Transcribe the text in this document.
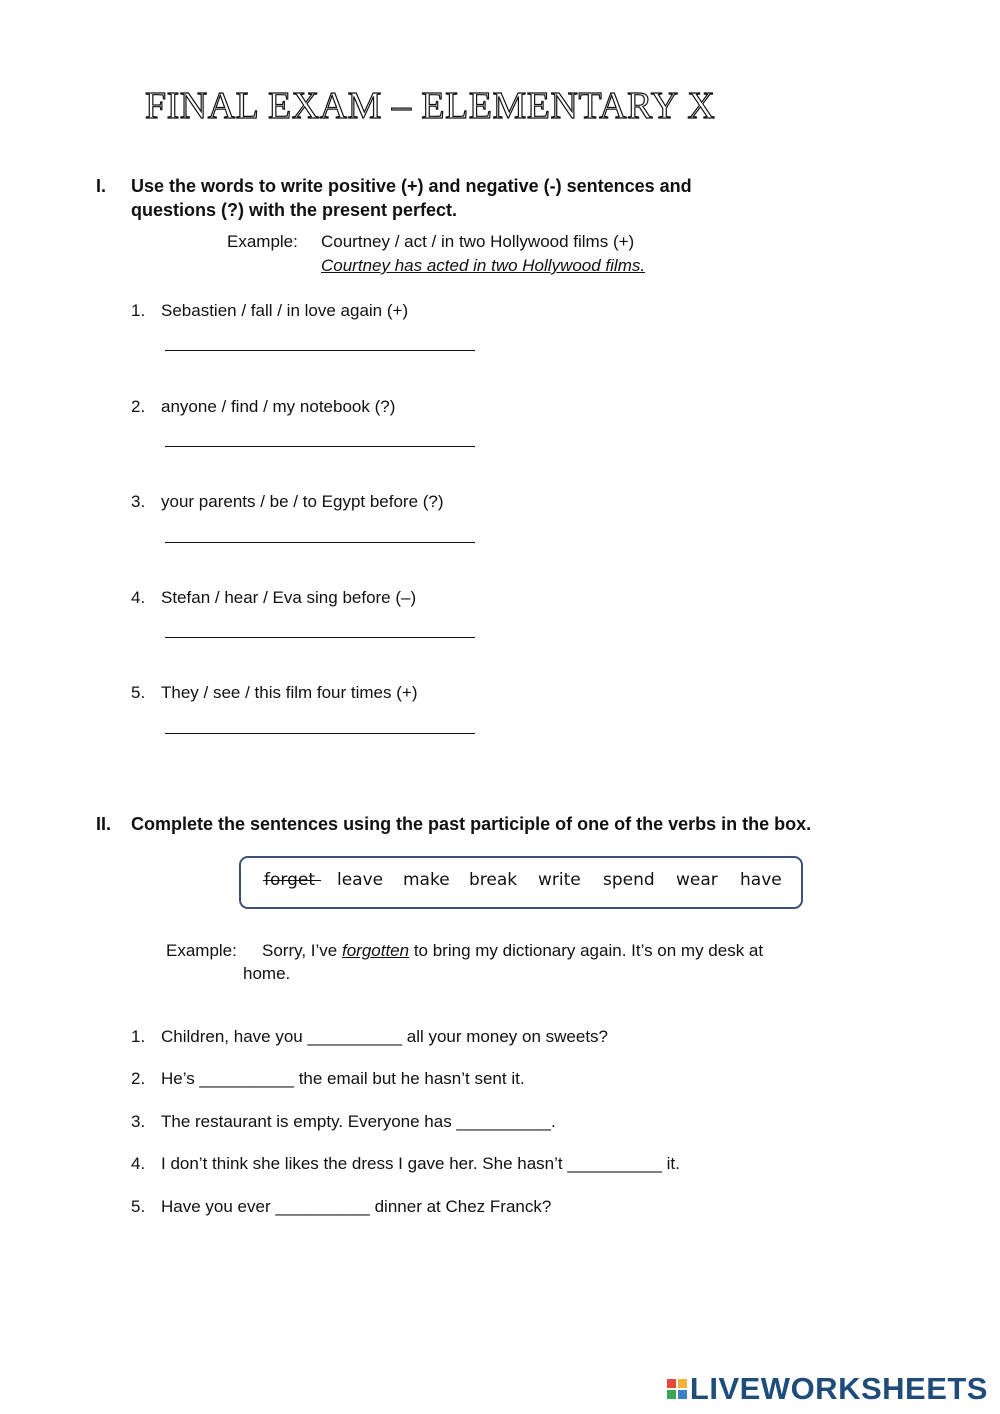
FINAL EXAM – ELEMENTARY X
I. Use the words to write positive (+) and negative (-) sentences and
questions (?) with the present perfect.
Example: Courtney / act / in two Hollywood films (+)
Courtney has acted in two Hollywood films.
1. Sebastien / fall / in love again (+)
2. anyone / find / my notebook (?)
3. your parents / be / to Egypt before (?)
4. Stefan / hear / Eva sing before (–)
5. They / see / this film four times (+)
II. Complete the sentences using the past participle of one of the verbs in the box.
forget leave make break write spend wear have
Example: Sorry, I’ve forgotten to bring my dictionary again. It’s on my desk at
home.
1. Children, have you __________ all your money on sweets?
2. He’s __________ the email but he hasn’t sent it.
3. The restaurant is empty. Everyone has __________.
4. I don’t think she likes the dress I gave her. She hasn’t __________ it.
5. Have you ever __________ dinner at Chez Franck?
LIVEWORKSHEETS
